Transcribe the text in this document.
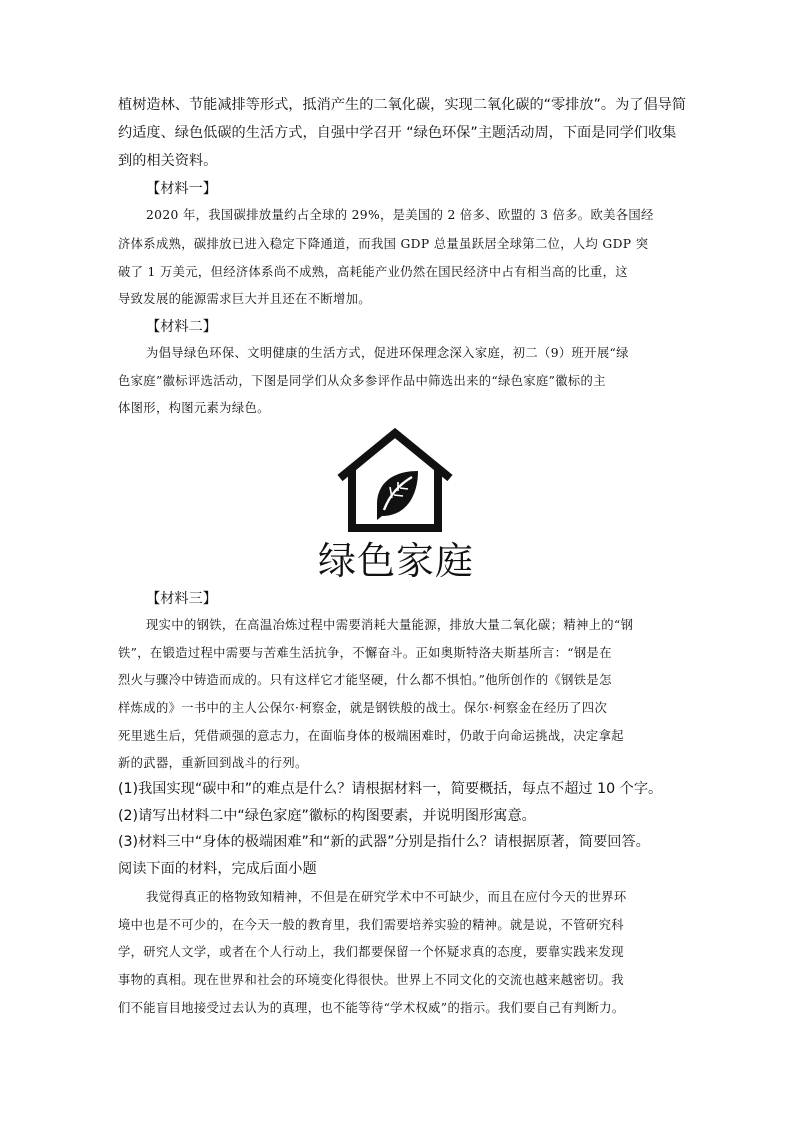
植树造林、节能减排等形式，抵消产生的二氧化碳，实现二氧化碳的“零排放”。为了倡导简
约适度、绿色低碳的生活方式，自强中学召开 “绿色环保”主题活动周，下面是同学们收集
到的相关资料。
【材料一】
2020 年，我国碳排放量约占全球的 29%，是美国的 2 倍多、欧盟的 3 倍多。欧美各国经
济体系成熟，碳排放已进入稳定下降通道，而我国 GDP 总量虽跃居全球第二位，人均 GDP 突
破了 1 万美元，但经济体系尚不成熟，高耗能产业仍然在国民经济中占有相当高的比重，这
导致发展的能源需求巨大并且还在不断增加。
【材料二】
为倡导绿色环保、文明健康的生活方式，促进环保理念深入家庭，初二（9）班开展“绿
色家庭”徽标评选活动，下图是同学们从众多参评作品中筛选出来的“绿色家庭”徽标的主
体图形，构图元素为绿色。
绿色家庭
【材料三】
现实中的钢铁，在高温冶炼过程中需要消耗大量能源，排放大量二氧化碳；精神上的“钢
铁”，在锻造过程中需要与苦难生活抗争，不懈奋斗。正如奥斯特洛夫斯基所言：“钢是在
烈火与骤冷中铸造而成的。只有这样它才能坚硬，什么都不惧怕。”他所创作的《钢铁是怎
样炼成的》一书中的主人公保尔·柯察金，就是钢铁般的战士。保尔·柯察金在经历了四次
死里逃生后，凭借顽强的意志力，在面临身体的极端困难时，仍敢于向命运挑战，决定拿起
新的武器，重新回到战斗的行列。
(1)我国实现“碳中和”的难点是什么？请根据材料一，简要概括，每点不超过 10 个字。
(2)请写出材料二中“绿色家庭”徽标的构图要素，并说明图形寓意。
(3)材料三中“身体的极端困难”和“新的武器”分别是指什么？请根据原著，简要回答。
阅读下面的材料，完成后面小题
我觉得真正的格物致知精神，不但是在研究学术中不可缺少，而且在应付今天的世界环
境中也是不可少的，在今天一般的教育里，我们需要培养实验的精神。就是说，不管研究科
学，研究人文学，或者在个人行动上，我们都要保留一个怀疑求真的态度，要靠实践来发现
事物的真相。现在世界和社会的环境变化得很快。世界上不同文化的交流也越来越密切。我
们不能盲目地接受过去认为的真理，也不能等待“学术权威”的指示。我们要自己有判断力。
